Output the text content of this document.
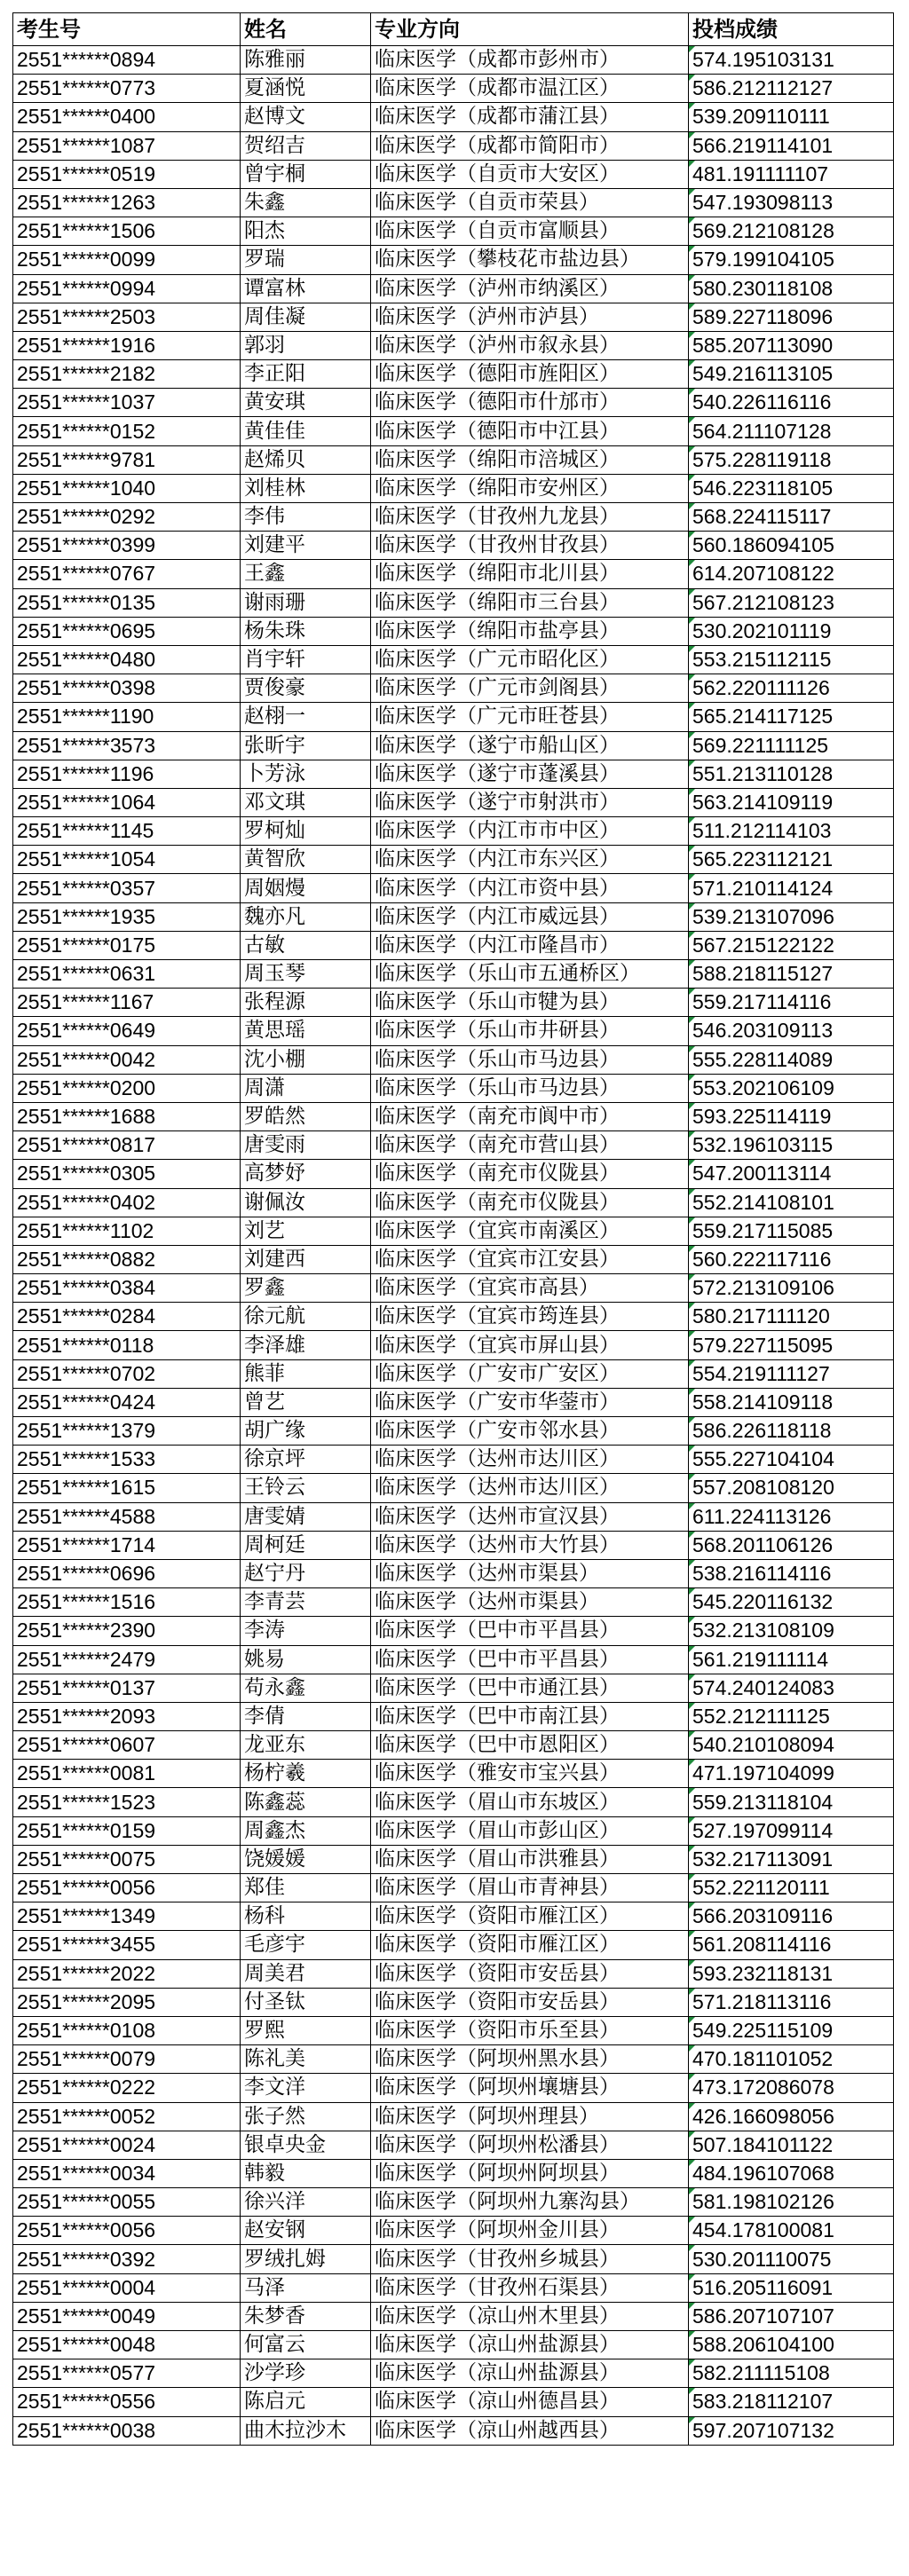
考生号	姓名	专业方向	投档成绩
2551******0894	陈雅丽	临床医学（成都市彭州市）	574.195103131
2551******0773	夏涵悦	临床医学（成都市温江区）	586.212112127
2551******0400	赵博文	临床医学（成都市蒲江县）	539.209110111
2551******1087	贺绍吉	临床医学（成都市简阳市）	566.219114101
2551******0519	曾宇桐	临床医学（自贡市大安区）	481.191111107
2551******1263	朱鑫	临床医学（自贡市荣县）	547.193098113
2551******1506	阳杰	临床医学（自贡市富顺县）	569.212108128
2551******0099	罗瑞	临床医学（攀枝花市盐边县）	579.199104105
2551******0994	谭富林	临床医学（泸州市纳溪区）	580.230118108
2551******2503	周佳凝	临床医学（泸州市泸县）	589.227118096
2551******1916	郭羽	临床医学（泸州市叙永县）	585.207113090
2551******2182	李正阳	临床医学（德阳市旌阳区）	549.216113105
2551******1037	黄安琪	临床医学（德阳市什邡市）	540.226116116
2551******0152	黄佳佳	临床医学（德阳市中江县）	564.211107128
2551******9781	赵烯贝	临床医学（绵阳市涪城区）	575.228119118
2551******1040	刘桂林	临床医学（绵阳市安州区）	546.223118105
2551******0292	李伟	临床医学（甘孜州九龙县）	568.224115117
2551******0399	刘建平	临床医学（甘孜州甘孜县）	560.186094105
2551******0767	王鑫	临床医学（绵阳市北川县）	614.207108122
2551******0135	谢雨珊	临床医学（绵阳市三台县）	567.212108123
2551******0695	杨朱珠	临床医学（绵阳市盐亭县）	530.202101119
2551******0480	肖宇轩	临床医学（广元市昭化区）	553.215112115
2551******0398	贾俊豪	临床医学（广元市剑阁县）	562.220111126
2551******1190	赵栩一	临床医学（广元市旺苍县）	565.214117125
2551******3573	张昕宇	临床医学（遂宁市船山区）	569.221111125
2551******1196	卜芳泳	临床医学（遂宁市蓬溪县）	551.213110128
2551******1064	邓文琪	临床医学（遂宁市射洪市）	563.214109119
2551******1145	罗柯灿	临床医学（内江市市中区）	511.212114103
2551******1054	黄智欣	临床医学（内江市东兴区）	565.223112121
2551******0357	周姻熳	临床医学（内江市资中县）	571.210114124
2551******1935	魏亦凡	临床医学（内江市威远县）	539.213107096
2551******0175	古敏	临床医学（内江市隆昌市）	567.215122122
2551******0631	周玉琴	临床医学（乐山市五通桥区）	588.218115127
2551******1167	张程源	临床医学（乐山市犍为县）	559.217114116
2551******0649	黄思瑶	临床医学（乐山市井研县）	546.203109113
2551******0042	沈小棚	临床医学（乐山市马边县）	555.228114089
2551******0200	周潇	临床医学（乐山市马边县）	553.202106109
2551******1688	罗皓然	临床医学（南充市阆中市）	593.225114119
2551******0817	唐雯雨	临床医学（南充市营山县）	532.196103115
2551******0305	高梦妤	临床医学（南充市仪陇县）	547.200113114
2551******0402	谢佩汝	临床医学（南充市仪陇县）	552.214108101
2551******1102	刘艺	临床医学（宜宾市南溪区）	559.217115085
2551******0882	刘建西	临床医学（宜宾市江安县）	560.222117116
2551******0384	罗鑫	临床医学（宜宾市高县）	572.213109106
2551******0284	徐元航	临床医学（宜宾市筠连县）	580.217111120
2551******0118	李泽雄	临床医学（宜宾市屏山县）	579.227115095
2551******0702	熊菲	临床医学（广安市广安区）	554.219111127
2551******0424	曾艺	临床医学（广安市华蓥市）	558.214109118
2551******1379	胡广缘	临床医学（广安市邻水县）	586.226118118
2551******1533	徐京坪	临床医学（达州市达川区）	555.227104104
2551******1615	王铃云	临床医学（达州市达川区）	557.208108120
2551******4588	唐雯婧	临床医学（达州市宣汉县）	611.224113126
2551******1714	周柯廷	临床医学（达州市大竹县）	568.201106126
2551******0696	赵宁丹	临床医学（达州市渠县）	538.216114116
2551******1516	李青芸	临床医学（达州市渠县）	545.220116132
2551******2390	李涛	临床医学（巴中市平昌县）	532.213108109
2551******2479	姚易	临床医学（巴中市平昌县）	561.219111114
2551******0137	苟永鑫	临床医学（巴中市通江县）	574.240124083
2551******2093	李倩	临床医学（巴中市南江县）	552.212111125
2551******0607	龙亚东	临床医学（巴中市恩阳区）	540.210108094
2551******0081	杨柠羲	临床医学（雅安市宝兴县）	471.197104099
2551******1523	陈鑫蕊	临床医学（眉山市东坡区）	559.213118104
2551******0159	周鑫杰	临床医学（眉山市彭山区）	527.197099114
2551******0075	饶媛媛	临床医学（眉山市洪雅县）	532.217113091
2551******0056	郑佳	临床医学（眉山市青神县）	552.221120111
2551******1349	杨科	临床医学（资阳市雁江区）	566.203109116
2551******3455	毛彦宇	临床医学（资阳市雁江区）	561.208114116
2551******2022	周美君	临床医学（资阳市安岳县）	593.232118131
2551******2095	付圣钛	临床医学（资阳市安岳县）	571.218113116
2551******0108	罗熙	临床医学（资阳市乐至县）	549.225115109
2551******0079	陈礼美	临床医学（阿坝州黑水县）	470.181101052
2551******0222	李文洋	临床医学（阿坝州壤塘县）	473.172086078
2551******0052	张子然	临床医学（阿坝州理县）	426.166098056
2551******0024	银卓央金	临床医学（阿坝州松潘县）	507.184101122
2551******0034	韩毅	临床医学（阿坝州阿坝县）	484.196107068
2551******0055	徐兴洋	临床医学（阿坝州九寨沟县）	581.198102126
2551******0056	赵安钢	临床医学（阿坝州金川县）	454.178100081
2551******0392	罗绒扎姆	临床医学（甘孜州乡城县）	530.201110075
2551******0004	马泽	临床医学（甘孜州石渠县）	516.205116091
2551******0049	朱梦香	临床医学（凉山州木里县）	586.207107107
2551******0048	何富云	临床医学（凉山州盐源县）	588.206104100
2551******0577	沙学珍	临床医学（凉山州盐源县）	582.211115108
2551******0556	陈启元	临床医学（凉山州德昌县）	583.218112107
2551******0038	曲木拉沙木	临床医学（凉山州越西县）	597.207107132
